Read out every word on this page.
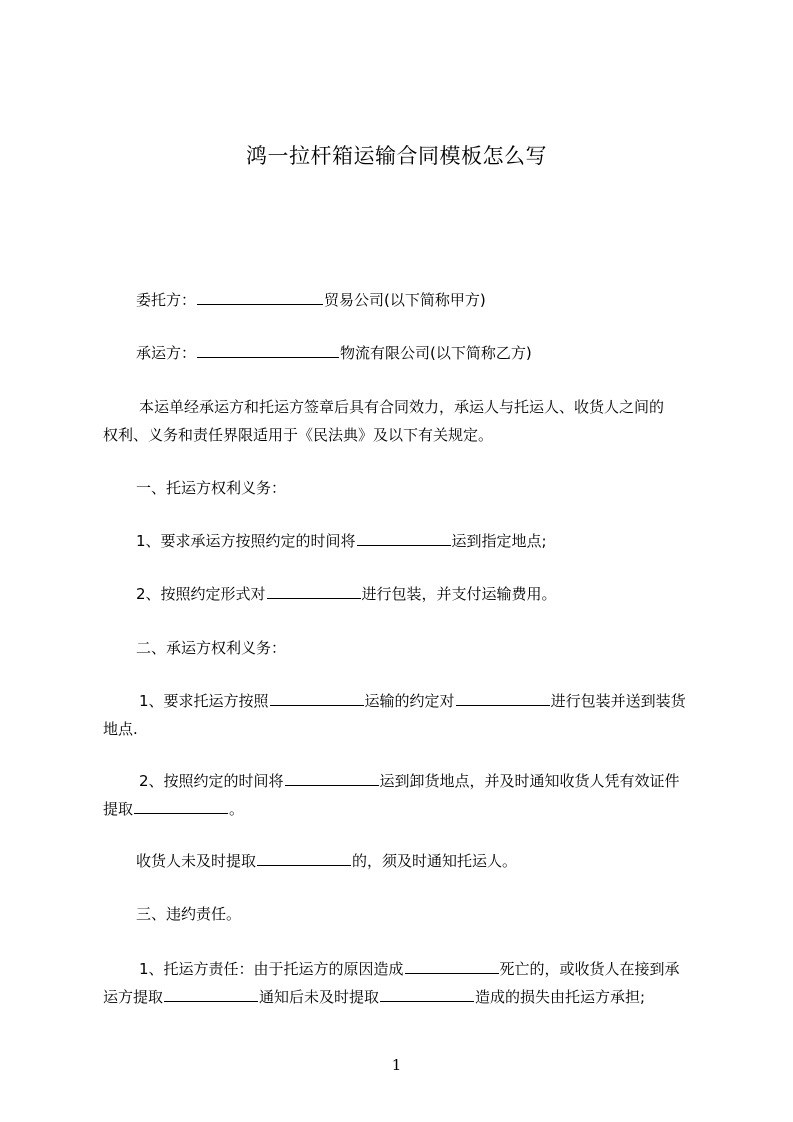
鸿一拉杆箱运输合同模板怎么写
委托方：	贸易公司(以下简称甲方)
承运方：	物流有限公司(以下简称乙方)
本运单经承运方和托运方签章后具有合同效力，承运人与托运人、收货人之间的
权利、义务和责任界限适用于《民法典》及以下有关规定。
一、托运方权利义务：
1、要求承运方按照约定的时间将	运到指定地点;
2、按照约定形式对	进行包装，并支付运输费用。
二、承运方权利义务：
1、要求托运方按照	运输的约定对	进行包装并送到装货
地点.
2、按照约定的时间将	运到卸货地点，并及时通知收货人凭有效证件
提取	。
收货人未及时提取	的，须及时通知托运人。
三、违约责任。
1、托运方责任：由于托运方的原因造成	死亡的，或收货人在接到承
运方提取	通知后未及时提取	造成的损失由托运方承担;
1
